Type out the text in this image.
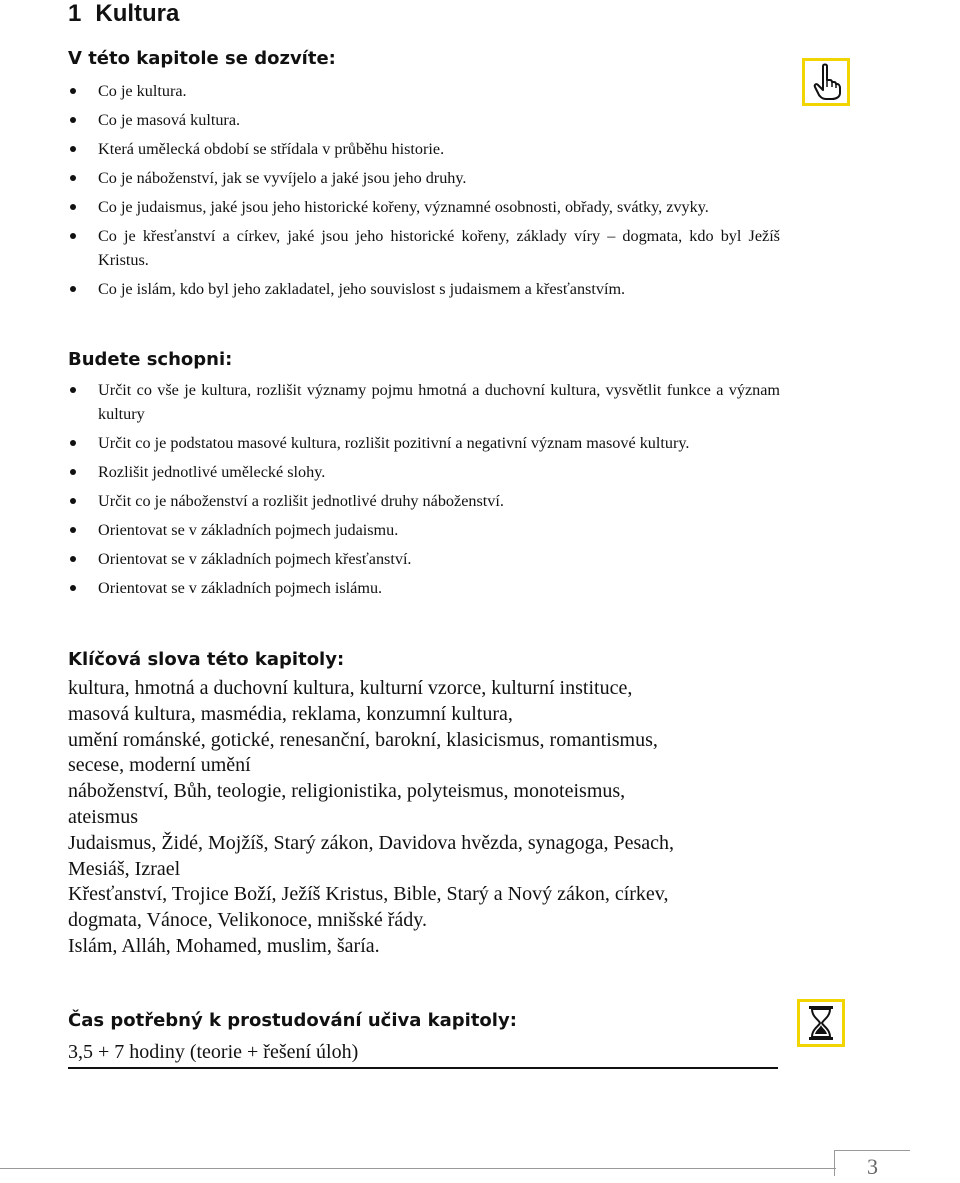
1 Kultura
V této kapitole se dozvíte:
Co je kultura.
Co je masová kultura.
Která umělecká období se střídala v průběhu historie.
Co je náboženství, jak se vyvíjelo a jaké jsou jeho druhy.
Co je judaismus, jaké jsou jeho historické kořeny, významné osobnosti, obřady, svátky, zvyky.
Co je křesťanství a církev, jaké jsou jeho historické kořeny, základy víry – dogmata, kdo byl Ježíš Kristus.
Co je islám, kdo byl jeho zakladatel, jeho souvislost s judaismem a křesťanstvím.
Budete schopni:
Určit co vše je kultura, rozlišit významy pojmu hmotná a duchovní kultura, vysvětlit funkce a význam kultury
Určit co je podstatou masové kultura, rozlišit pozitivní a negativní význam masové kultury.
Rozlišit jednotlivé umělecké slohy.
Určit co je náboženství a rozlišit jednotlivé druhy náboženství.
Orientovat se v základních pojmech judaismu.
Orientovat se v základních pojmech křesťanství.
Orientovat se v základních pojmech islámu.
Klíčová slova této kapitoly:
kultura, hmotná a duchovní kultura, kulturní vzorce, kulturní instituce,
masová kultura, masmédia, reklama, konzumní kultura,
umění románské, gotické, renesanční, barokní, klasicismus, romantismus,
secese, moderní umění
náboženství, Bůh, teologie, religionistika, polyteismus, monoteismus,
ateismus
Judaismus, Židé, Mojžíš, Starý zákon, Davidova hvězda, synagoga, Pesach,
Mesiáš, Izrael
Křesťanství, Trojice Boží, Ježíš Kristus, Bible, Starý a Nový zákon, církev,
dogmata, Vánoce, Velikonoce, mnišské řády.
Islám, Alláh, Mohamed, muslim, šaría.
Čas potřebný k prostudování učiva kapitoly:
3,5 + 7 hodiny (teorie + řešení úloh)
3
